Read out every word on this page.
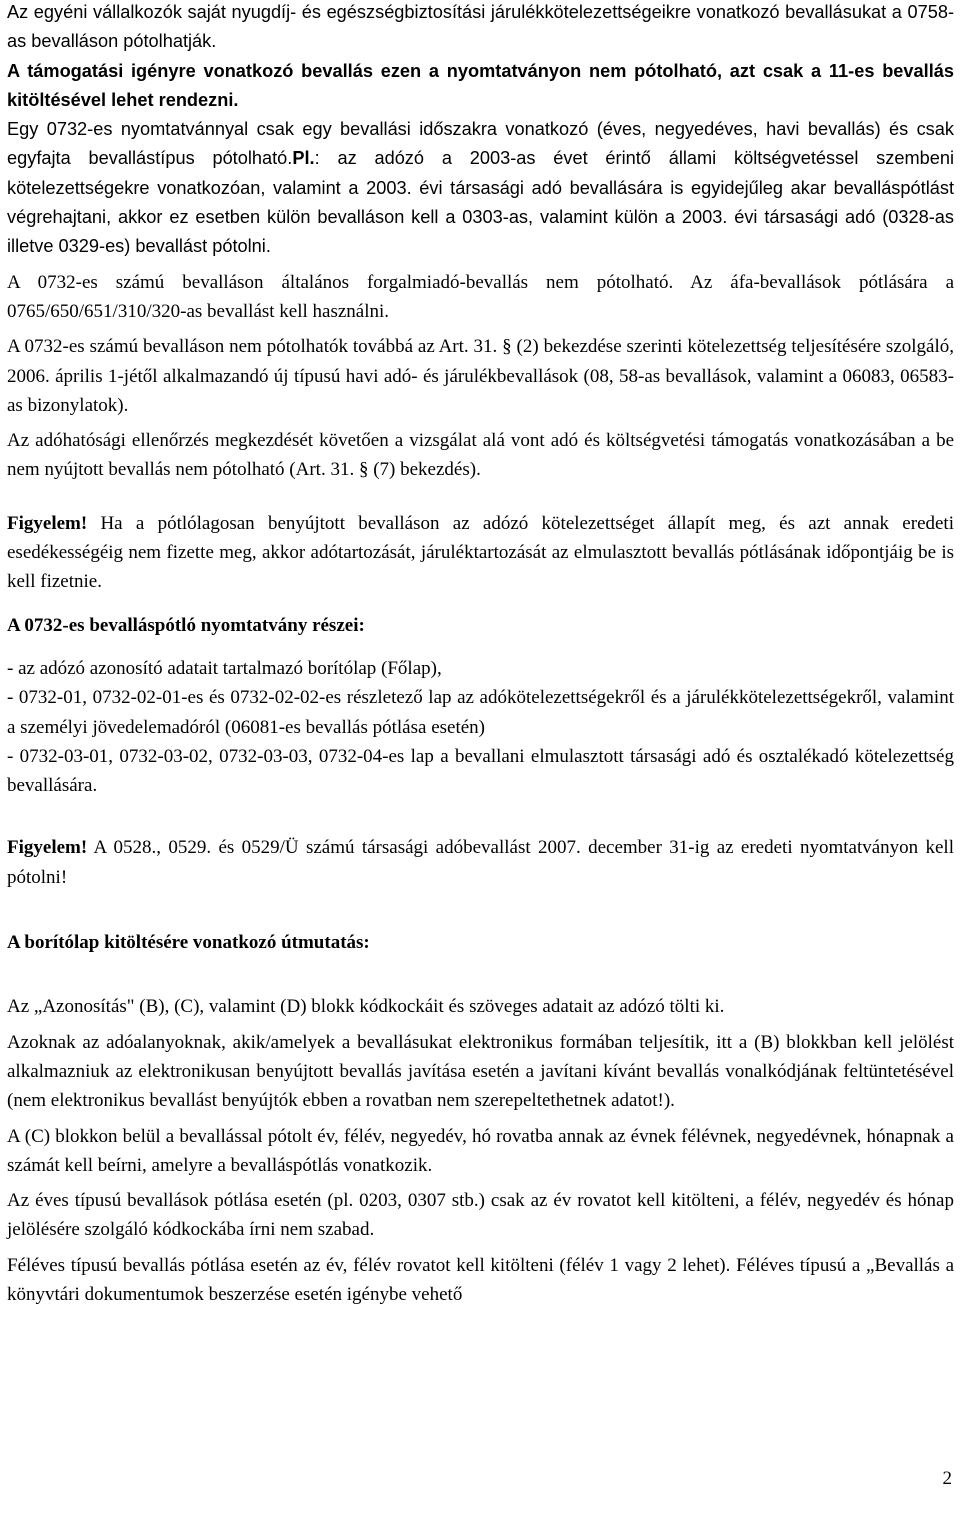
Az egyéni vállalkozók saját nyugdíj- és egészségbiztosítási járulékkötelezettségeikre vonatkozó bevallásukat a 0758-as bevalláson pótolhatják.

A támogatási igényre vonatkozó bevallás ezen a nyomtatványon nem pótolható, azt csak a 11-es bevallás kitöltésével lehet rendezni.

Egy 0732-es nyomtatvánnyal csak egy bevallási időszakra vonatkozó (éves, negyedéves, havi bevallás) és csak egyfajta bevallástípus pótolható.Pl.: az adózó a 2003-as évet érintő állami költségvetéssel szembeni kötelezettségekre vonatkozóan, valamint a 2003. évi társasági adó bevallására is egyidejűleg akar bevalláspótlást végrehajtani, akkor ez esetben külön bevalláson kell a 0303-as, valamint külön a 2003. évi társasági adó (0328-as illetve 0329-es) bevallást pótolni.

A 0732-es számú bevalláson általános forgalmiadó-bevallás nem pótolható. Az áfa-bevallások pótlására a 0765/650/651/310/320-as bevallást kell használni.

A 0732-es számú bevalláson nem pótolhatók továbbá az Art. 31. § (2) bekezdése szerinti kötelezettség teljesítésére szolgáló, 2006. április 1-jétől alkalmazandó új típusú havi adó- és járulékbevallások (08, 58-as bevallások, valamint a 06083, 06583-as bizonylatok).

Az adóhatósági ellenőrzés megkezdését követően a vizsgálat alá vont adó és költségvetési támogatás vonatkozásában a be nem nyújtott bevallás nem pótolható (Art. 31. § (7) bekezdés).

Figyelem! Ha a pótlólagosan benyújtott bevalláson az adózó kötelezettséget állapít meg, és azt annak eredeti esedékességéig nem fizette meg, akkor adótartozását, járuléktartozását az elmulasztott bevallás pótlásának időpontjáig be is kell fizetnie.

A 0732-es bevalláspótló nyomtatvány részei:

- az adózó azonosító adatait tartalmazó borítólap (Főlap),

- 0732-01, 0732-02-01-es és 0732-02-02-es részletező lap az adókötelezettségekről és a járulékkötelezettségekről, valamint a személyi jövedelemadóról (06081-es bevallás pótlása esetén)

- 0732-03-01, 0732-03-02, 0732-03-03, 0732-04-es lap a bevallani elmulasztott társasági adó és osztalékadó kötelezettség bevallására.

Figyelem! A 0528., 0529. és 0529/Ü számú társasági adóbevallást 2007. december 31-ig az eredeti nyomtatványon kell pótolni!

A borítólap kitöltésére vonatkozó útmutatás:

Az „Azonosítás" (B), (C), valamint (D) blokk kódkockáit és szöveges adatait az adózó tölti ki.

Azoknak az adóalanyoknak, akik/amelyek a bevallásukat elektronikus formában teljesítik, itt a (B) blokkban kell jelölést alkalmazniuk az elektronikusan benyújtott bevallás javítása esetén a javítani kívánt bevallás vonalkódjának feltüntetésével (nem elektronikus bevallást benyújtók ebben a rovatban nem szerepeltethetnek adatot!).

A (C) blokkon belül a bevallással pótolt év, félév, negyedév, hó rovatba annak az évnek félévnek, negyedévnek, hónapnak a számát kell beírni, amelyre a bevalláspótlás vonatkozik.

Az éves típusú bevallások pótlása esetén (pl. 0203, 0307 stb.) csak az év rovatot kell kitölteni, a félév, negyedév és hónap jelölésére szolgáló kódkockába írni nem szabad.

Féléves típusú bevallás pótlása esetén az év, félév rovatot kell kitölteni (félév 1 vagy 2 lehet). Féléves típusú a „Bevallás a könyvtári dokumentumok beszerzése esetén igénybe vehető

2
